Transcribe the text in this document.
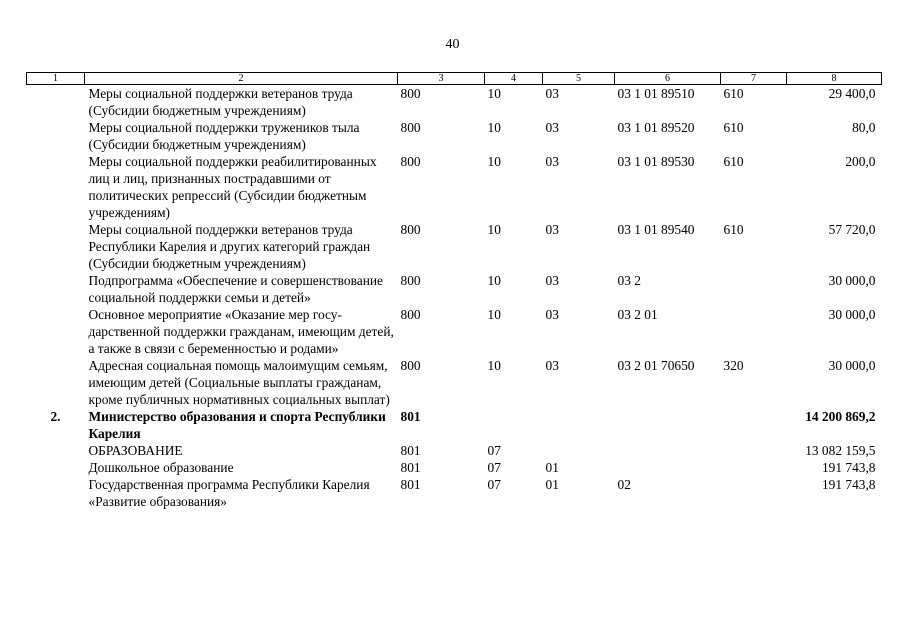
40
1	2	3	4	5	6	7	8
	Меры социальной поддержки ветеранов труда (Субсидии бюджетным учреждениям)	800	10	03	03 1 01 89510	610	29 400,0
	Меры социальной поддержки тружеников тыла (Субсидии бюджетным учреждениям)	800	10	03	03 1 01 89520	610	80,0
	Меры социальной поддержки реабилитированных лиц и лиц, признанных пострадавшими от политических репрессий (Субсидии бюджетным учреждениям)	800	10	03	03 1 01 89530	610	200,0
	Меры социальной поддержки ветеранов труда Республики Карелия и других категорий граждан (Субсидии бюджетным учреждениям)	800	10	03	03 1 01 89540	610	57 720,0
	Подпрограмма «Обеспечение и совершенствование социальной поддержки семьи и детей»	800	10	03	03 2		30 000,0
	Основное мероприятие «Оказание мер государственной поддержки гражданам, имеющим детей, а также в связи с беременностью и родами»	800	10	03	03 2 01		30 000,0
	Адресная социальная помощь малоимущим семьям, имеющим детей (Социальные выплаты гражданам, кроме публичных нормативных социальных выплат)	800	10	03	03 2 01 70650	320	30 000,0
2.	Министерство образования и спорта Республики Карелия	801					14 200 869,2
	ОБРАЗОВАНИЕ	801	07				13 082 159,5
	Дошкольное образование	801	07	01			191 743,8
	Государственная программа Республики Карелия «Развитие образования»	801	07	01	02		191 743,8
